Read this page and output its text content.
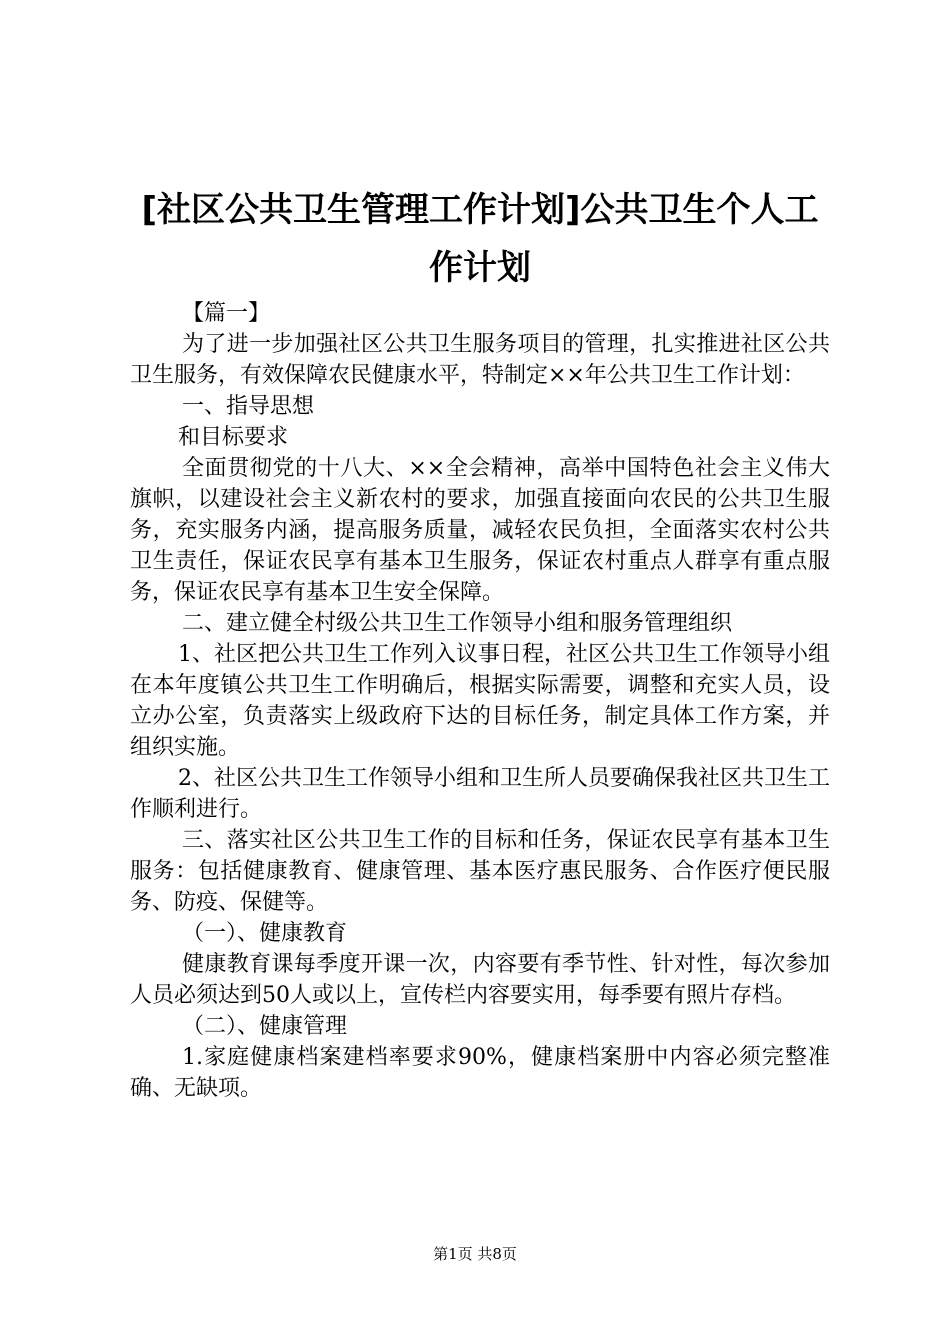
[社区公共卫生管理工作计划]公共卫生个人工
作计划

【篇一】

为了进一步加强社区公共卫生服务项目的管理，扎实推进社区公共卫生服务，有效保障农民健康水平，特制定××年公共卫生工作计划：

一、指导思想

和目标要求

全面贯彻党的十八大、××全会精神，高举中国特色社会主义伟大旗帜，以建设社会主义新农村的要求，加强直接面向农民的公共卫生服务，充实服务内涵，提高服务质量，减轻农民负担，全面落实农村公共卫生责任，保证农民享有基本卫生服务，保证农村重点人群享有重点服务，保证农民享有基本卫生安全保障。

二、建立健全村级公共卫生工作领导小组和服务管理组织

1、社区把公共卫生工作列入议事日程，社区公共卫生工作领导小组在本年度镇公共卫生工作明确后，根据实际需要，调整和充实人员，设立办公室，负责落实上级政府下达的目标任务，制定具体工作方案，并组织实施。

2、社区公共卫生工作领导小组和卫生所人员要确保我社区共卫生工作顺利进行。

三、落实社区公共卫生工作的目标和任务，保证农民享有基本卫生服务：包括健康教育、健康管理、基本医疗惠民服务、合作医疗便民服务、防疫、保健等。

（一）、健康教育

健康教育课每季度开课一次，内容要有季节性、针对性，每次参加人员必须达到50人或以上，宣传栏内容要实用，每季要有照片存档。

（二）、健康管理

1.家庭健康档案建档率要求90%，健康档案册中内容必须完整准确、无缺项。

第1页 共8页
